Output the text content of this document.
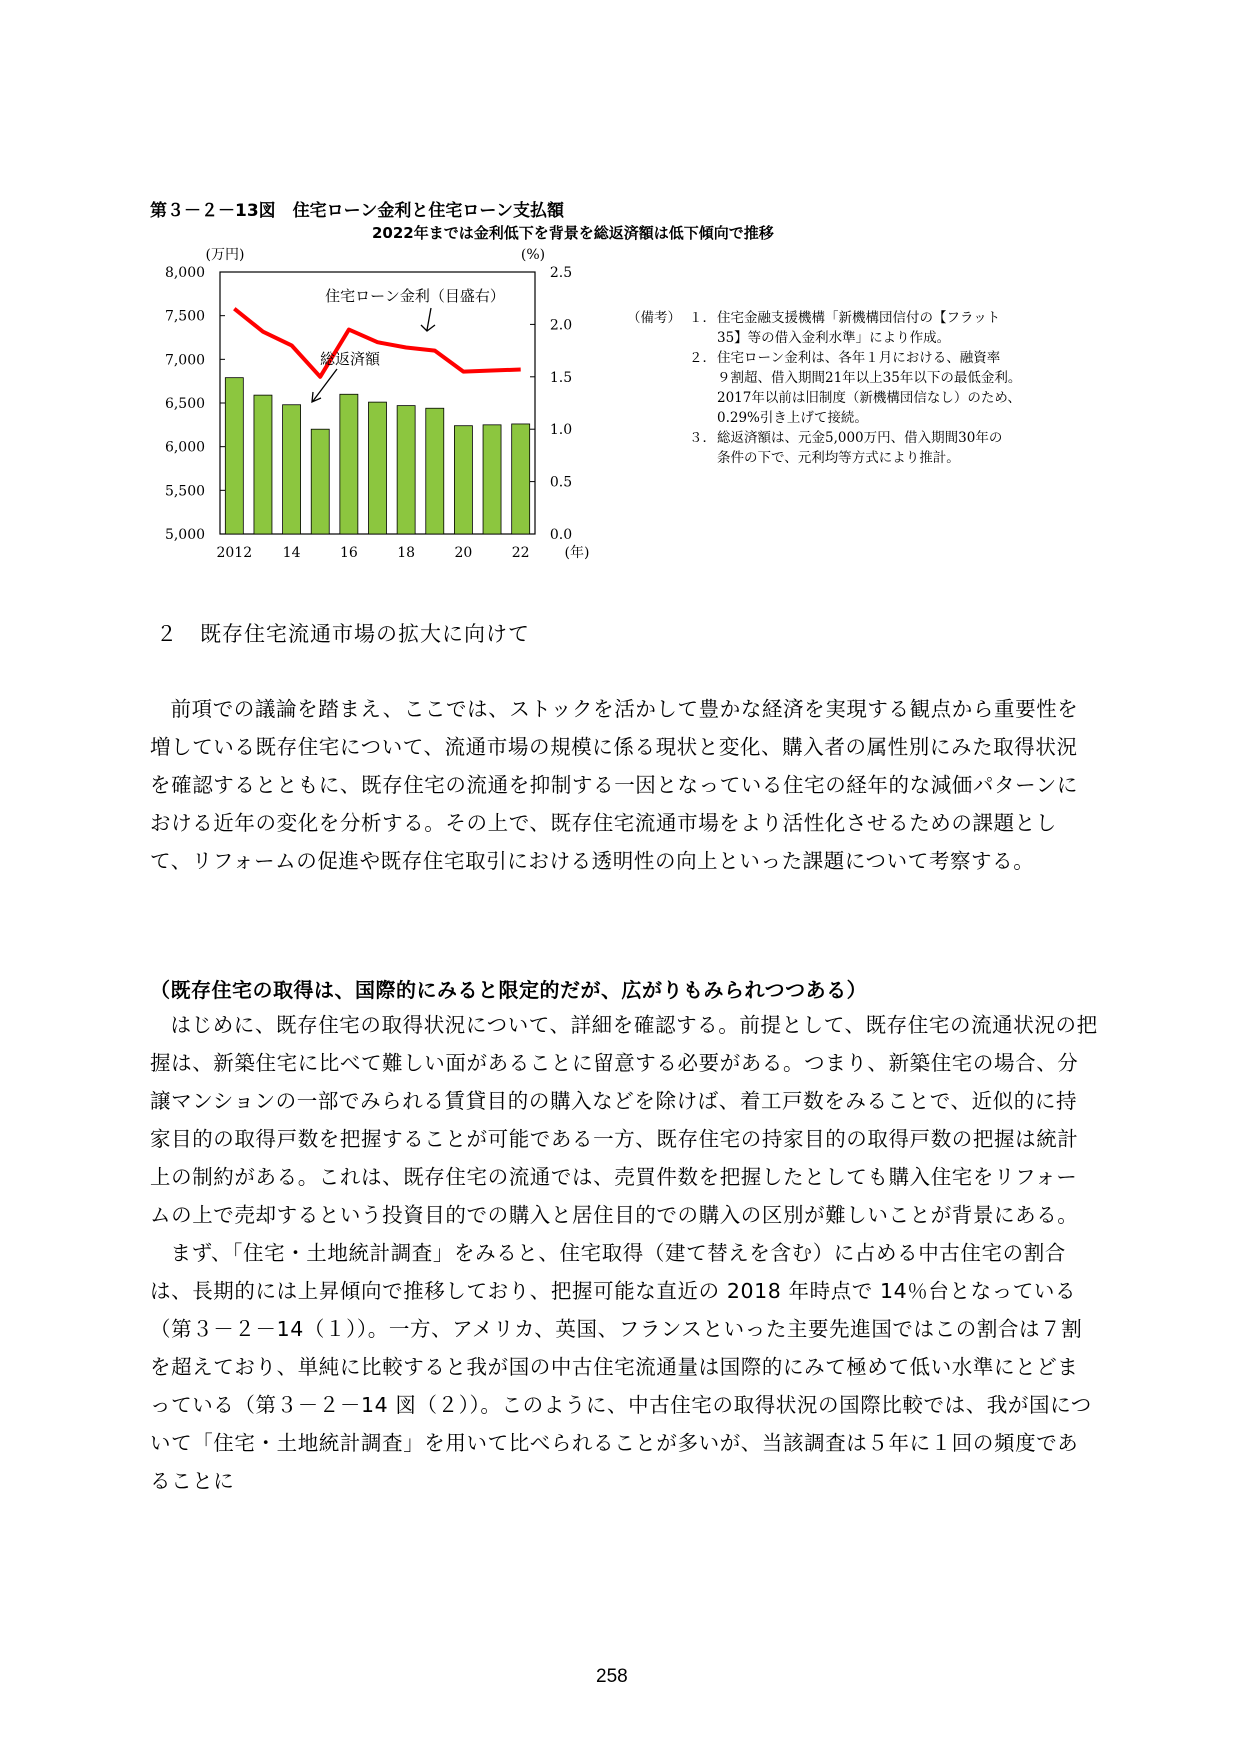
第３－２－13図　住宅ローン金利と住宅ローン支払額
2022年までは金利低下を背景を総返済額は低下傾向で推移
5,000
5,500
6,000
6,500
7,000
7,500
8,000
0.0
0.5
1.0
1.5
2.0
2.5
(万円)	(%)
2012 14	16	18	20	22 (年)
住宅ローン金利（目盛右）
総返済額
（備考） １． 住宅金融支援機構「新機構団信付の【フラット
35】等の借入金利水準」により作成。
２． 住宅ローン金利は、各年１月における、融資率
９割超、借入期間21年以上35年以下の最低金利。
2017年以前は旧制度（新機構団信なし）のため、
0.29%引き上げて接続。
３． 総返済額は、元金5,000万円、借入期間30年の
条件の下で、元利均等方式により推計。
２　既存住宅流通市場の拡大に向けて

前項での議論を踏まえ、ここでは、ストックを活かして豊かな経済を実現する観点から重要性を増している既存住宅について、流通市場の規模に係る現状と変化、購入者の属性別にみた取得状況を確認するとともに、既存住宅の流通を抑制する一因となっている住宅の経年的な減価パターンにおける近年の変化を分析する。その上で、既存住宅流通市場をより活性化させるための課題として、リフォームの促進や既存住宅取引における透明性の向上といった課題について考察する。

（既存住宅の取得は、国際的にみると限定的だが、広がりもみられつつある）

はじめに、既存住宅の取得状況について、詳細を確認する。前提として、既存住宅の流通状況の把握は、新築住宅に比べて難しい面があることに留意する必要がある。つまり、新築住宅の場合、分譲マンションの一部でみられる賃貸目的の購入などを除けば、着工戸数をみることで、近似的に持家目的の取得戸数を把握することが可能である一方、既存住宅の持家目的の取得戸数の把握は統計上の制約がある。これは、既存住宅の流通では、売買件数を把握したとしても購入住宅をリフォームの上で売却するという投資目的での購入と居住目的での購入の区別が難しいことが背景にある。

まず、「住宅・土地統計調査」をみると、住宅取得（建て替えを含む）に占める中古住宅の割合は、長期的には上昇傾向で推移しており、把握可能な直近の 2018 年時点で 14％台となっている（第３－２－14（１））。一方、アメリカ、英国、フランスといった主要先進国ではこの割合は７割を超えており、単純に比較すると我が国の中古住宅流通量は国際的にみて極めて低い水準にとどまっている（第３－２－14 図（２））。このように、中古住宅の取得状況の国際比較では、我が国について「住宅・土地統計調査」を用いて比べられることが多いが、当該調査は５年に１回の頻度であることに

258
